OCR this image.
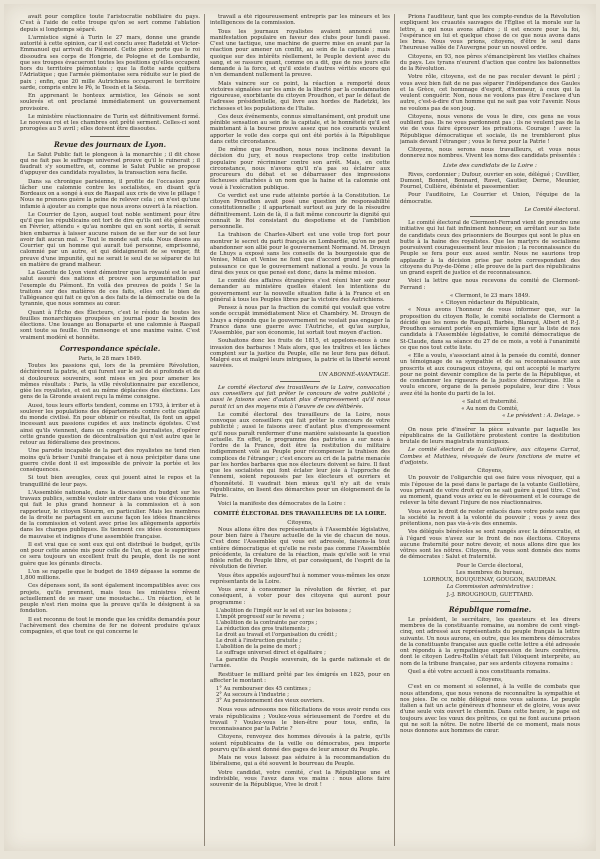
avait pour complice toute l'aristocratie nobiliaire du pays. C'est à l'aide de cette troupe qu'on se sert comme l'ablation depuis si longtemps séparé.

L'armistice signé à Turin le 27 mars, donne une grande autorité à cette opinion, car il est conclu avec Radetzki et Victor-Emmanuel qui arrivait du Piémont. Cette pièce porte que le roi dissoudra ses corps de Hongrie, de Pologne et de Lombardie, que ses troupes évacueront toutes les positions qu'elles occupent hors du territoire piémontais ; que la flotte sarde quittera l'Adriatique ; que l'armée piémontaise sera réduite sur le pied de paix ; enfin, que 20 mille Autrichiens occuperont le territoire sarde, compris entre le Pô, le Tessin et la Sésia.

En apprenant le honteux armistice, les Génois se sont soulevés et ont proclamé immédiatement un gouvernement provisoire.

Le ministère réactionnaire de Turin est définitivement formé. Le nouveau roi et les chambres ont prêté serment. Celles-ci sont prorogées au 5 avril ; elles doivent être dissoutes.

Revue des journaux de Lyon.

Le Salut Public fait le plongeon à la monarchie ; il dit chose qui ne fait pas le suffrage universel prouve qu'il le ruinerait ; il faudrait s'y soumettre, et, comme le Salut Public se propose d'appuyer des candidats royalistes, la transaction sera facile.

Dans sa chronique parisienne, il profite de l'occasion pour lâcher une calomnie contre les socialistes, en disant qu'à Bordeaux on a songé à eux de Raspail aux cris de vive le pillage ! Nous ne prenons guère la peine de relever cela ; on n'est qu'une infamie à ajouter au compte que nous avons ouvert à la réaction.

Le Courrier de Lyon, auquel tout noble sentiment pour être qu'il que les républicains ont tort de dire qu'ils ont été généreux en Février, attendu « qu'au nombre qui en sont sortis, il serait bien embarras à laisser aucune raison de se fier sur de soi leur avoir fait aucun mal. » Tout le monde sait cela. Nous disons au Courrier qui un homme qui aurait tué personne, emprisonné, calomnié par un autre, et qui dédaignerait de se venger, fit preuve d'une impunité, qui ne serait le seul de se séparer de lui en matière de grand malheur.

La Gazette de Lyon vient démontrer que la royauté est le seul salut assuré des nations et prouve son argumentation par l'exemple du Piémont. En voilà des preuves de poids ! Se la traitons sur des matières de ces faits, elles ont le bien de l'allégeance qui fait ce qu'on a des faits de la démocratie ou de la tyrannie, que nous sommes au cœur.

Quant à l'Écho des Électeurs, c'est le résidu de toutes les feuilles monarchiques groupées en journal pour la besoin des élections. Une louange au Bonaparte et une calomnie à Raspail sont toute sa feuille. Un mensonge et une maxime vaine. C'est vraiment modéré et honnête.

Correspondance spéciale.
Paris, le 28 mars 1849.

Toutes les passions qui, lors de la première Révolution, déchirèrent la patrie, et qui furent sur le sol de si profonds et de si douloureux souvenirs, sont mises en jeu pour amener les mêmes résultats : Paris, la ville révolutionnaire par excellence, giée les royalistes, et est au même déplacées des élections. Les gens de la Gironde avaient reçu la même consigne.

Aussi, tous leurs efforts tendent, comme en 1793, à irriter et à soulever les populations des départements contre cette capitale du monde civilisé. En pour obtenir ce résultat, ils font un appel incessant aux passions cupides et aux instincts égoïstes. C'est ainsi qu'ils viennent, dans un congrès de journalistes, d'opérer cette grande question de décentralisation qui n'est autre que le retour au fédéralisme des provinces.

Une parodie incapable de la part des royalistes ne tend rien moins qu'à briser l'unité française et à nous précipiter dans une guerre civile dont il est impossible de prévoir la portée et les conséquences.

Si tout bien aveugles, ceux qui jouent ainsi le repos et la tranquillité de leur pays.

L'Assemblée nationale, dans la discussion du budget sur les travaux publics, semble vouloir entrer dans une voie d'économie qui fait le plus grand honneur à la commission et à son rapporteur, le citoyen Stourm, en particulier. Mais les membres de la droite ne partagent en aucune façon les idées financières de la commission et votent avec prise les allègements apportés dans les charges publiques. Ils tiennent ces idées économiques de mauvaise et indignes d'une assemblée française.

Il est vrai que ce sont eux qui ont distribué le budget, qu'ils ont pour cette année mis pour celle de l'un, et que le supprimer ce sera toujours un excellent fruit du peuple, dont ils ne sont guère que les gérants directs.

L'on se rappelle que le budget de 1849 dépasse la somme de 1,800 millions.

Ces dépenses sont, ils sont également incompatibles avec ces projets, qu'ils prennent, mais tous les ministres rêvent actuellement de se raser une moustache... Un réaction, et le peuple n'est rien moins que la preuve qu'ils le désignent à sa fondation.

Il est reconnu de tout le monde que les crédits demandés pour l'achèvement des chemins de fer ne doivent produire qu'aux compagnies, et que tout ce qui concerne le

travail a été rigoureusement entrepris par les mineurs et les intelligences de la commission.

Tous les journaux royalistes avaient annoncé une manifestation populaire en faveur des clubs pour lundi passé. C'est une tactique, une machine de guerre mise en avant par la réaction pour amener un conflit, au sein de la capitale ; mais quoique sur des intérêts réellement, le Peuple devient avec du sang, et se rassure quant, comme on a dit, que de nos jours elle demande à la force, et qu'il existe d'autres vérités encore qui n'en demandent nullement la preuve.

Mais vaincre sur ce point, la réaction a remporté deux victoires signalées sur les amis de la liberté par la condamnation rigoureuse, exorbitante du citoyen Proudhon, et par le défaut de l'adresse présidentielle, qui livre aux hordes de Radetzki, les richesses et les populations de l'Italie.

Ces deux événements, connus simultanément, ont produit une pénible sensation au sein de la capitale, et le honnêteté qu'il est maintenant à la bourse prouve assez que nos courants veulent apporter le voile des corps qui ont été portés à la République dans cette circonstance.

De même que Proudhon, nous nous inclinons devant la décision du jury, et nous respectons trop cette institution populaire pour récriminer contre son arrêt. Mais, en cette circonstance, nous n'avons qu'il n'a pas su éclairer aux procureurs du débat et se débarrasser des impressions fâcheuses attachées à un nom que la haine et la calomnie ont voué à l'exécration publique.

Ce verdict est une rude atteinte portée à la Constitution. Le citoyen Proudhon avait posé une question de responsabilité constitutionnelle ; il appartenait surtout au jury de la résoudre définitivement. Loin de là, il a fait même concourir la dignité qui connaît le Roi consistant du despotisme et de l'ambition personnelle.

La trahison de Charles-Albert est une voile trop fort pour montrer le secret du parti français en Lombardie, qu'on ne peut abandonner son allié pour le gouvernement Normand. M. Drouyn de Lhuys a exposé sans les conseils de la bourgeoisie que de Venise, Milan et Venise ne font que d'accord grand la grande puissance ce que le gouvernement national a voulu. Je vous la dirai des yeux ce que pensé est donc, dans la même mission.

Le comité des affaires étrangères s'est réuni hier soir pour demander au ministère quelles étaient les intentions du gouvernement sur la nouvelle situation faite à la France et en général à tous les Peuples libres par la victoire des Autrichiens.

Pensez à nous par la fraction du comité qui voulait que votre sonde occupât immédiatement Nice et Chambéry. M. Drouyn de Lhuys a répondu que le gouvernement ne voulait pas engager la France dans une guerre avec l'Autriche, et qu'au surplus, l'Assemblée, par son économie, lui sortait tout moyen d'action.

Souhaitons donc les fruits de 1815, et appelons-nous à une invasion des barbares ! Mais alors, que les traîtres et les lâches comptent sur la justice du Peuple, elle ne leur fera pas défaut. Malgré eux et malgré leurs intrigues, la patrie et la liberté seront sauvées.

UN ABONNÉ-AVANTAGE.

Le comité électoral des travailleurs de la Loire, convocation aux conseillers qui fait prêter le concours de votre publicité ; aussi le faisons avec d'autant plus d'empressement qu'il nous parait ici un des moyens mis à l'œuvre de ces délibérés.

Le comité électoral des travailleurs de la Loire, nous convoque aux conseillers qui fait prêter le concours de votre publicité ; aussi le faisons avec d'autant plus d'empressement qu'il nous paraît renfermer d'une manière saisissante la question actuelle. En effet, le programme des patriotes a sur nous à l'ordre de la France, doit être la restitution du militaire indigemment volé au Peuple pour récompenser la trahison des complices de l'étranger ; c'est encore au cri de la patrie menacée par les hordes barbares que nos électeurs doivent se faire. Il faut que les socialistes qui font éclater leur joie à l'approche de l'ennemi, soient repoussés par les électeurs et ouvriers et d'honnêteté. Il vaudrait bien mieux qu'il n'y ait de vrais républicains, on lisent des démarches pour un éloignement de la Patrie.

Voici la manifeste des démocrates de la Loire :

COMITÉ ÉLECTORAL DES TRAVAILLEURS DE LA LOIRE.
Citoyens,

Nous allons élire des représentants à l'Assemblée législative, pour bien faire à l'heure actuelle de la vie de chacun de nous. C'est donc l'Assemblée qui vous est adressée, faisons-la tout entière démocratique et qu'elle ne reste pas comme l'Assemblée précédente, la créature de la réaction, mais qu'elle soit le vrai fidèle reflet du Peuple libre, et par conséquent, de l'esprit de la révolution de février.

Vous êtes appelés aujourd'hui à nommer vous-mêmes les onze représentants de la Loire.

Vous avez à consommer la révolution de février, et par conséquent, à voter pour des citoyens qui auront pour programme :

L'abolition de l'impôt sur le sel et sur les boissons ;
L'impôt progressif sur le revenu ;
L'abolition de la contrainte par corps ;
La réduction des gros traitements ;
Le droit au travail et l'organisation du crédit ;
Le droit à l'instruction gratuite ;
L'abolition de la peine de mort ;
Le suffrage universel direct et égalitaire ;
La garantie du Peuple souverain, de la garde nationale et de l'armée.

Restituer le milliard prêté par les émigrés en 1825, pour en affecter le montant :

1° Au rembourser des 45 centimes ;
2° Au secours à l'industrie ;
3° Au pensionnement des vieux ouvriers.

Nous vous adressons nos félicitations de vous avoir rendu ces vrais républicains ; Voulez-vous sérieusement de l'ordre et du travail ? Voulez-vous le bien-être pour tous, enfin, la reconnaissance par la Patrie ?

Citoyens, renvoyez des hommes dévoués à la patrie, qu'ils soient républicains de la veille ou démocrates, peu importe pourvu qu'ils aient donné des gages de leur amour du Peuple.

Mais ne vous laissez pas séduire à la recommandation du libéralisme, qui a été souvent le bourreau du Peuple.

Votre candidat, votre comité, c'est la République une et indivisible, vous l'avez dans vos mains : nous allons faire souvenir de la République, Vive le droit !

Prions l'auditeur, tant que les compte-rendus de la Révolution expliquent les cruautés sauvages de l'Église et la morale sur la lettre, a qui nous avons affaire ; il est encore pour la foi, l'espérance en lui et quelque chose de ce que nous avons dans les bras. Nous vous prions, citoyens, d'être le seul dans l'heureuse vallée de l'Auvergne pour un nouvel ordre.

Citoyens, en 93, nos pères s'émancipèrent les vieilles chaînes du pays. Les tyrans n'eurent d'action que contre les baïonnettes de la Révolution.

Votre rôle, citoyens, est de ne pas reculer devant le péril ; vous avez bien fait de ne pas séparer l'indépendance des Gaules et la Grèce, cet hommage d'esprit, d'honneur, à ceux qui la veulent conquérir. Non, nous ne voulons pas être l'esclave d'un autre, c'est-à-dire d'un homme qui ne sait pas voir l'avenir. Nous ne voulons pas de son joug.

Citoyens, nous venons de vous le dire, ces gens ne vous oublient pas. Ils ne vous pardonnent pas ; ils ne veulent pas de la vie de vous faire éprouver les privations. Courage ! avec la République démocratique et sociale, ils ne trembleront plus jamais devant l'étranger ; vous le ferez pour la Patrie !

Citoyens, nous serons nous travailleurs, et vous nous donnerez nos nombres. Vivent les noms des candidats présentés :

Liste des candidats de la Loire :

Rives, cordonnier ; Dufour, ouvrier en soie, délégué ; Cuvillier, Dumont, Bonnet, Bonnard, Ravet, Gautier, Derne, Meunier, Fournel, Cullière, ébéniste et passementier.

Pour l'auditoire, Le Courrier et Union, l'équipe de la démocratie.

Le Comité électoral.

Le comité électoral de Clermont-Ferrand vient de prendre une initiative qui lui fait infiniment honneur, en arrêtant sur sa liste de candidats ceux des prisonniers de Bourges qui sont le plus en butte à la haine des royalistes. Que les martyrs de socialisme poursuivent courageusement leur mission ; la reconnaissance du Peuple se fera pour eux aussi sentir. Nous ne saurions trop applaudir à la décision prise par notre correspondant des citoyens du Puy-de-Dôme ; elle prouve de la part des républicains un grand esprit de justice et de reconnaissance.

Voici la lettre que nous recevons du comité de Clermont-Ferrand :

« Clermont, le 23 mars 1849.
« Citoyen rédacteur du Républicain,

« Nous avons l'honneur de vous informer que, sur la proposition du citoyen Rolle, le comité socialiste de Clermont a décidé que les noms de Raspail, Barbès, Blanqui, Albert et P.-J. Proudhon seraient portés en première ligne sur la liste de nos candidats à l'Assemblée législative, le comité démocratique de St-Claude, dans sa séance du 27 de ce mois, a voté à l'unanimité ce que nos tout cette liste.

« Elle a voulu, s'associant ainsi à la pensée du comité, donner un témoignage de sa sympathie et de sa reconnaissance aux proscrits et aux courageux citoyens, qui ont accepté le martyre pour ne point devenir complice de la perte de la République, et de condamner les rigueurs de la justice démocratique. Elle a voulu encore, organe de la pensée populaire, leur dire : Vous avez été la honte du parti de la loi.

« Salut et fraternité.
« Au nom du Comité,
« Le président : A. Delage. »

On nous prie d'insérer la pièce suivante par laquelle les républicains de la Guillotière protestent contre la destitution brutale de leurs magistrats municipaux.

Le comité électoral de la Guillotière, aux citoyens Carrat, Combes et Mathieu, révoqués de leurs fonctions de maire et d'adjoints.

Citoyens,

Un pouvoir de l'oligarchie qui ose faire vous révoquer, qui a mis l'épouse de la pesé dans le partage de la votante Guillotière, vous privant de votre droit qu'on ne sait guère à quel titre. C'est au moment, quand vous aviez eu le dévouement et le courage de relever la tête devant l'injure de nos réactionnaires.

Vous aviez le droit de rester enlacés dans votre poste sans que la société la revoit à la volonté du pouvoir ; vous y avez des prétentions, non pas vis-à-vis des ennemis.

Vos délégués bénévoles se sont rangés avec la démocratie, et à l'égard vous n'avez sur le front de nos élections. Citoyens aucune fraternité pour notre devoir, et nous allons dire que les vôtres sont les nôtres. Citoyens, ils vous sont donnés des noms de démocrates : Salut et fraternité.

Pour le Cercle électoral,
Les membres du bureau,
LORROUX, BOUQUENAY, GOUGON, BAUDRAN.
La Commission administrative :
J.-J. BROUGHOUD, GUETTARD.
République romaine.

Le président, le secrétaire, les questeurs et les divers membres de la constituante romaine, au nombre de cent vingt-cinq, ont adressé aux représentants du peuple français la lettre suivante. Un nous aurons, en outre, que les membres démocrates de la constituante française aux quelle cette lettre a été adressée ont répondu à la sympathique expression de leurs confrères, dont le citoyen Ledru-Rollin s'était fait l'éloquent interprète, au nom de la tribune française, par ses ardents citoyens romains :

Quel a été votre accueil à nos constituants romains.

Citoyens,

C'est en ce moment si solennel, à la veille de combats que nous attendons, que nous venons de reconnaître la sympathie et nos joies. De ce noble délégué nous vous saluons. Le peuple italien a fait un acte généreux d'honneur et de gloire, vous avez d'une seule voix ouvert le chemin. Dans cette heure, le pape est toujours avec les vœux des prêtres, ce qui ne font aucune prison qui ne soit la nôtre. De notre liberté de ce moment, mais nous nous donnons aux hommes de cœur.
